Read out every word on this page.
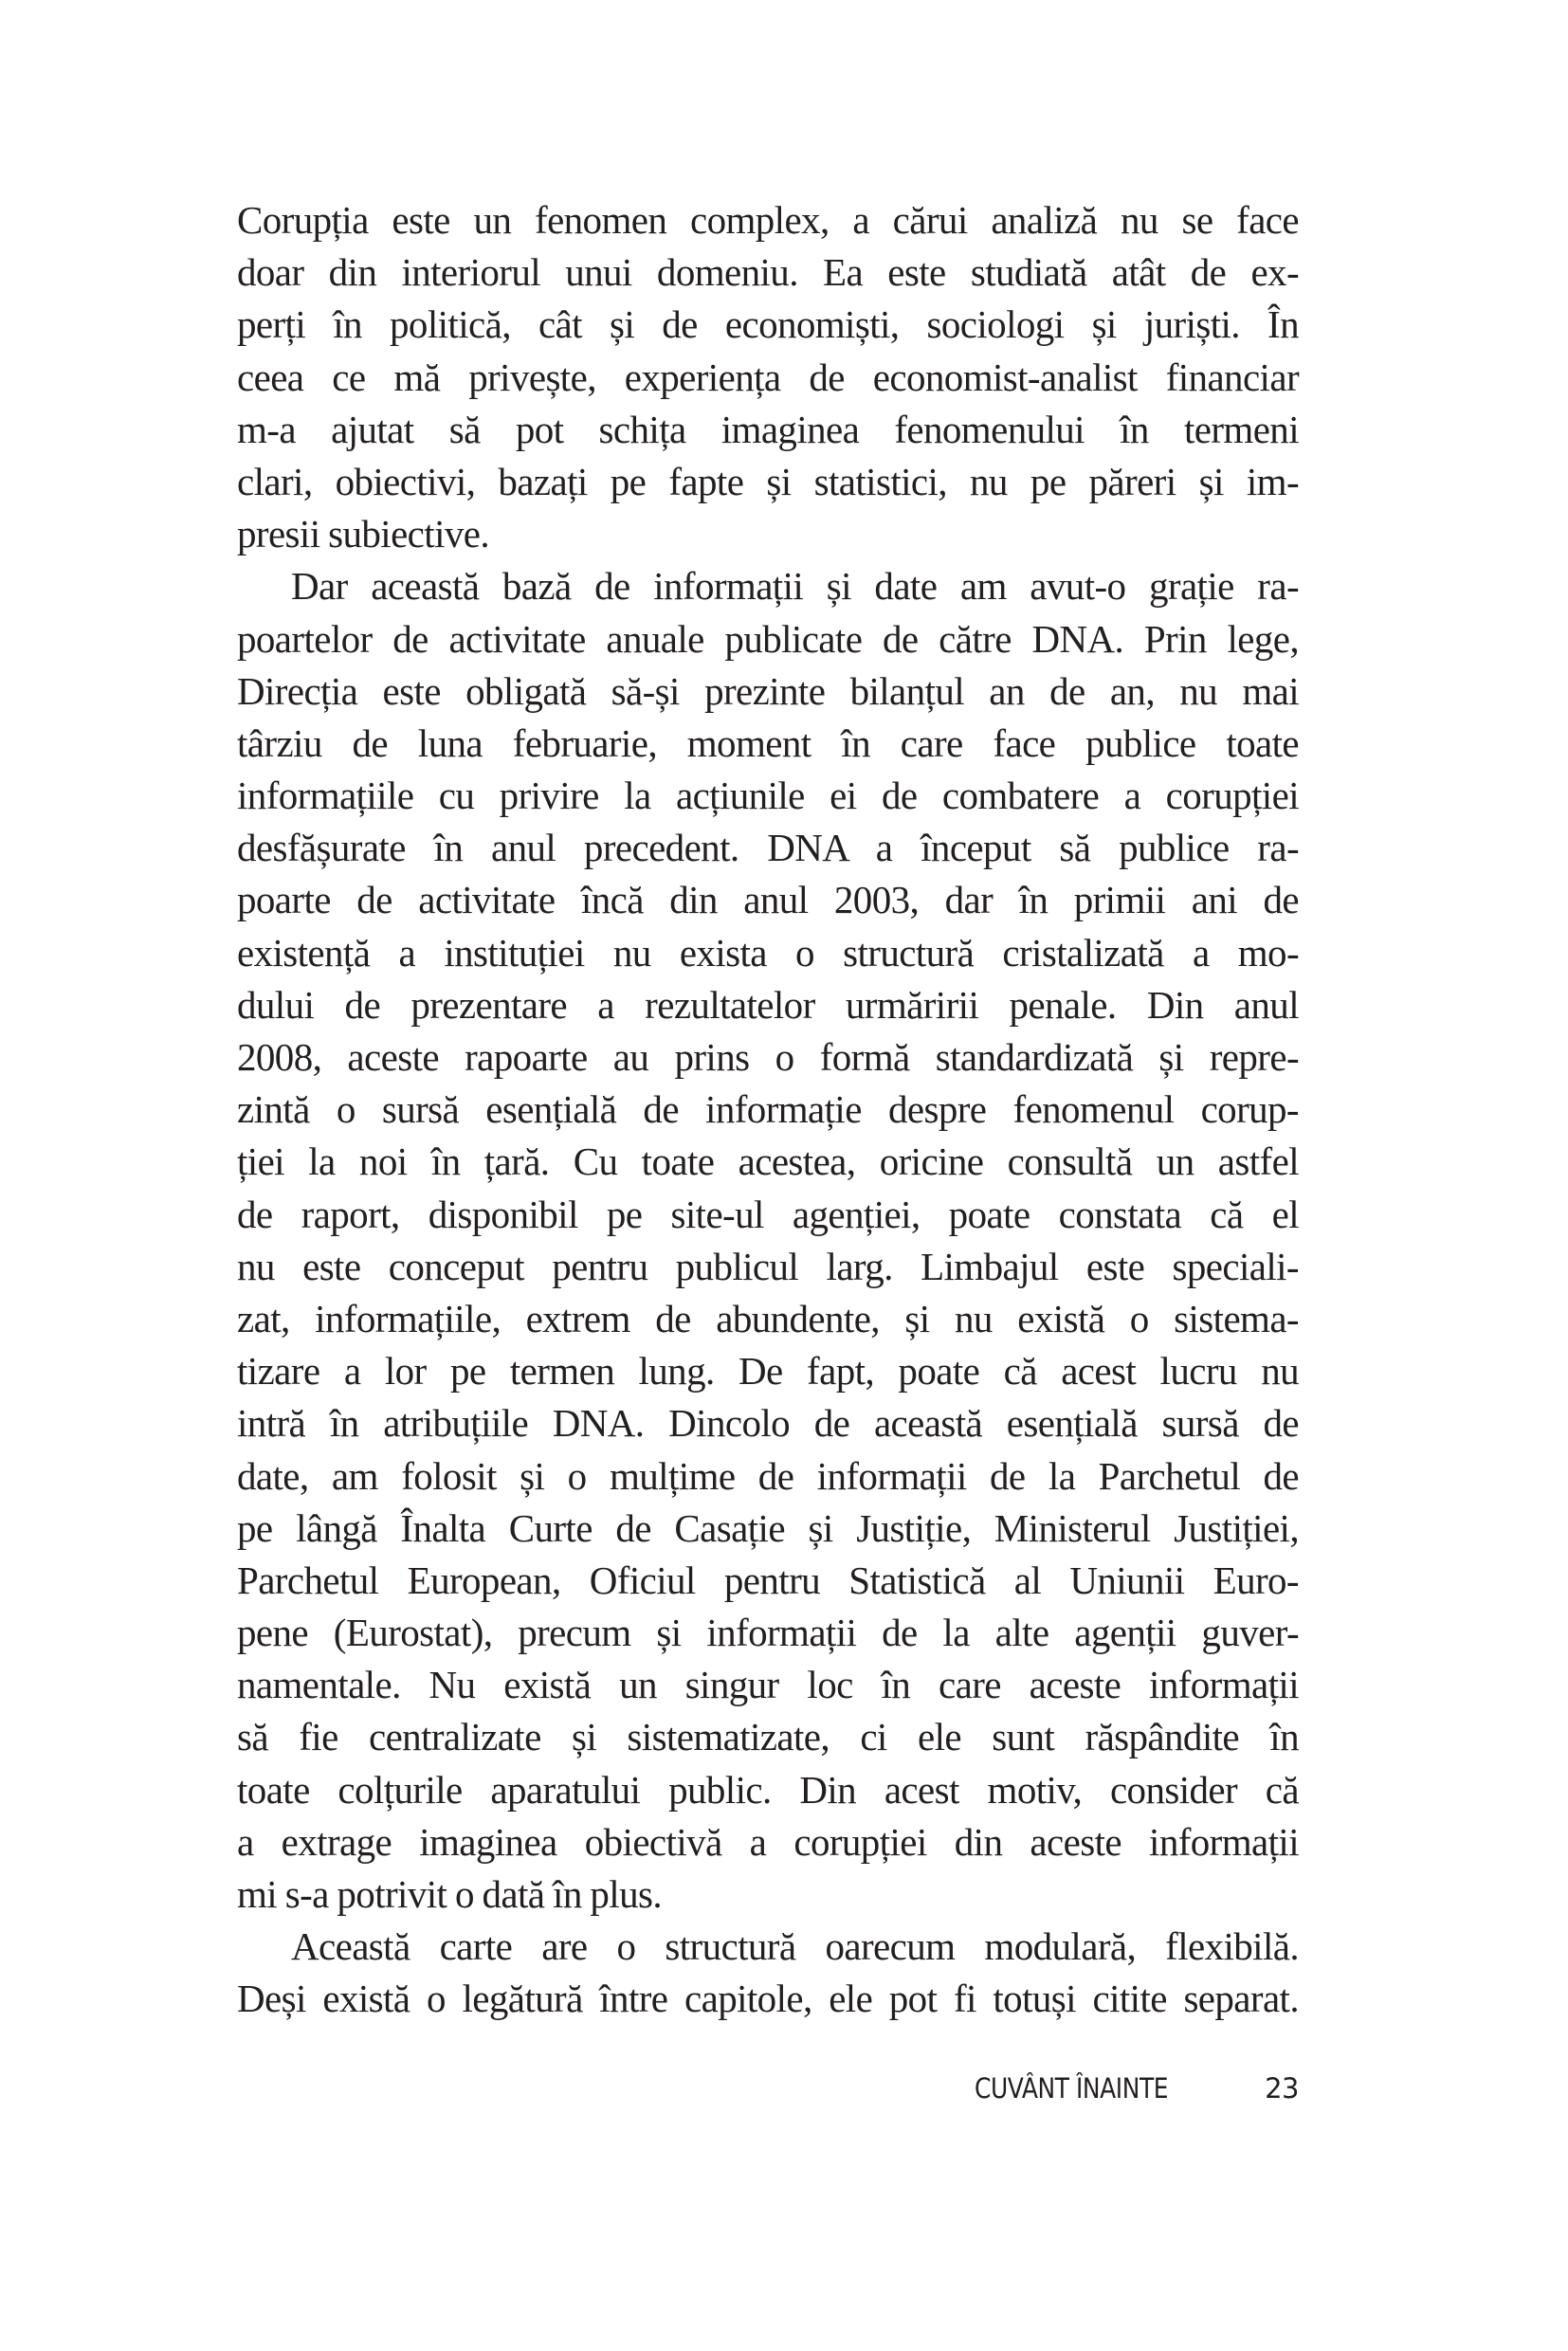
Corupția este un fenomen complex, a cărui analiză nu se face
doar din interiorul unui domeniu. Ea este studiată atât de ex-
perți în politică, cât și de economiști, sociologi și juriști. În
ceea ce mă privește, experiența de economist-analist financiar
m-a ajutat să pot schița imaginea fenomenului în termeni
clari, obiectivi, bazați pe fapte și statistici, nu pe păreri și im-
presii subiective.
Dar această bază de informații și date am avut-o grație ra-
poartelor de activitate anuale publicate de către DNA. Prin lege,
Direcția este obligată să-și prezinte bilanțul an de an, nu mai
târziu de luna februarie, moment în care face publice toate
informațiile cu privire la acțiunile ei de combatere a corupției
desfășurate în anul precedent. DNA a început să publice ra-
poarte de activitate încă din anul 2003, dar în primii ani de
existență a instituției nu exista o structură cristalizată a mo-
dului de prezentare a rezultatelor urmăririi penale. Din anul
2008, aceste rapoarte au prins o formă standardizată și repre-
zintă o sursă esențială de informație despre fenomenul corup-
ției la noi în țară. Cu toate acestea, oricine consultă un astfel
de raport, disponibil pe site-ul agenției, poate constata că el
nu este conceput pentru publicul larg. Limbajul este speciali-
zat, informațiile, extrem de abundente, și nu există o sistema-
tizare a lor pe termen lung. De fapt, poate că acest lucru nu
intră în atribuțiile DNA. Dincolo de această esențială sursă de
date, am folosit și o mulțime de informații de la Parchetul de
pe lângă Înalta Curte de Casație și Justiție, Ministerul Justiției,
Parchetul European, Oficiul pentru Statistică al Uniunii Euro-
pene (Eurostat), precum și informații de la alte agenții guver-
namentale. Nu există un singur loc în care aceste informații
să fie centralizate și sistematizate, ci ele sunt răspândite în
toate colțurile aparatului public. Din acest motiv, consider că
a extrage imaginea obiectivă a corupției din aceste informații
mi s-a potrivit o dată în plus.
Această carte are o structură oarecum modulară, flexibilă.
Deși există o legătură între capitole, ele pot fi totuși citite separat.
CUVÂNT ÎNAINTE	23
